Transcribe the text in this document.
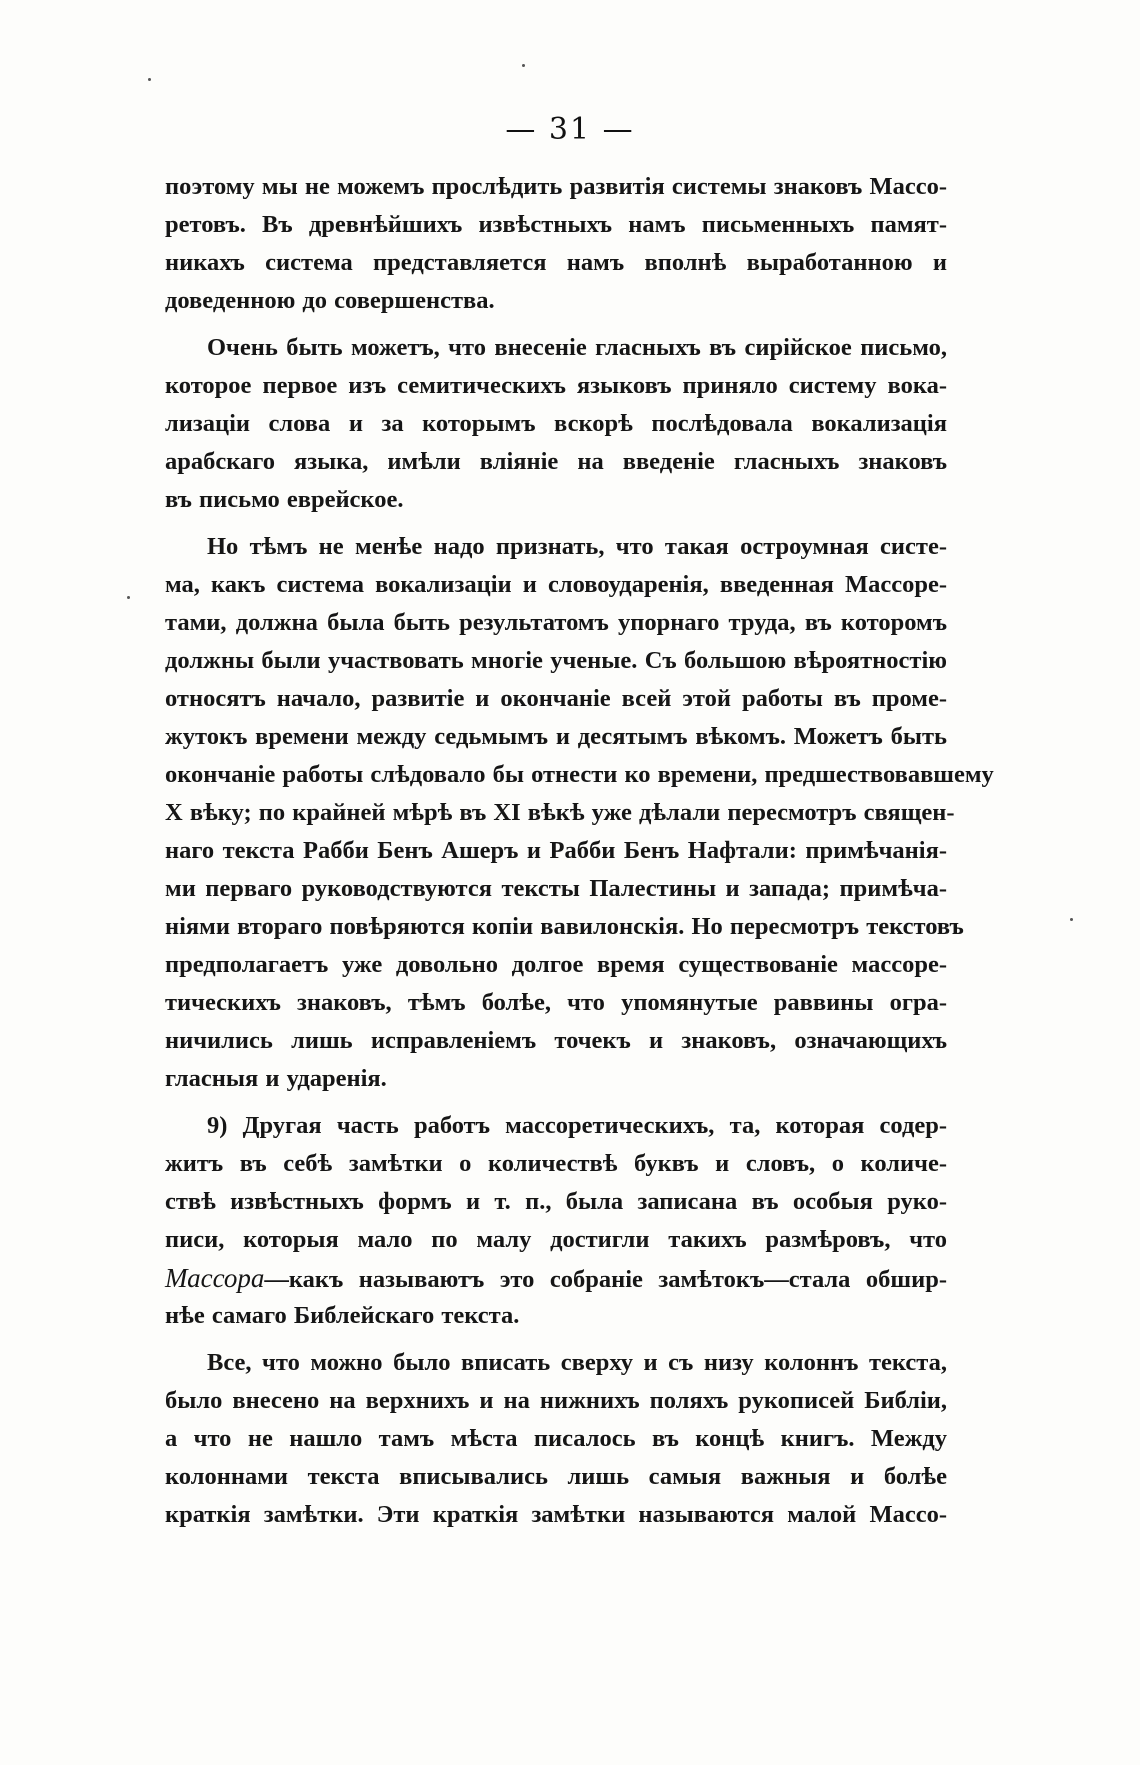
— 31 —

поэтому мы не можемъ прослѣдить развитія системы знаковъ Массо-
ретовъ. Въ древнѣйшихъ извѣстныхъ намъ письменныхъ памят-
никахъ система представляется намъ вполнѣ выработанною и
доведенною до совершенства.

Очень быть можетъ, что внесеніе гласныхъ въ сирійское письмо,
которое первое изъ семитическихъ языковъ приняло систему вока-
лизаціи слова и за которымъ вскорѣ послѣдовала вокализація
арабскаго языка, имѣли вліяніе на введеніе гласныхъ знаковъ
въ письмо еврейское.

Но тѣмъ не менѣе надо признать, что такая остроумная систе-
ма, какъ система вокализаціи и словоударенія, введенная Массоре-
тами, должна была быть результатомъ упорнаго труда, въ которомъ
должны были участвовать многіе ученые. Съ большою вѣроятностію
относятъ начало, развитіе и окончаніе всей этой работы въ проме-
жутокъ времени между седьмымъ и десятымъ вѣкомъ. Можетъ быть
окончаніе работы слѣдовало бы отнести ко времени, предшествовавшему
X вѣку; по крайней мѣрѣ въ XI вѣкѣ уже дѣлали пересмотръ священ-
наго текста Рабби Бенъ Ашеръ и Рабби Бенъ Нафтали: примѣчанія-
ми перваго руководствуются тексты Палестины и запада; примѣча-
ніями втораго повѣряются копіи вавилонскія. Но пересмотръ текстовъ
предполагаетъ уже довольно долгое время существованіе массоре-
тическихъ знаковъ, тѣмъ болѣе, что упомянутые раввины огра-
ничились лишь исправленіемъ точекъ и знаковъ, означающихъ
гласныя и ударенія.

9) Другая часть работъ массоретическихъ, та, которая содер-
житъ въ себѣ замѣтки о количествѣ буквъ и словъ, о количе-
ствѣ извѣстныхъ формъ и т. п., была записана въ особыя руко-
писи, которыя мало по малу достигли такихъ размѣровъ, что
Массора—какъ называютъ это собраніе замѣтокъ—стала обшир-
нѣе самаго Библейскаго текста.

Все, что можно было вписать сверху и съ низу колоннъ текста,
было внесено на верхнихъ и на нижнихъ поляхъ рукописей Библіи,
а что не нашло тамъ мѣста писалось въ концѣ книгъ. Между
колоннами текста вписывались лишь самыя важныя и болѣе
краткія замѣтки. Эти краткія замѣтки называются малой Массо-
